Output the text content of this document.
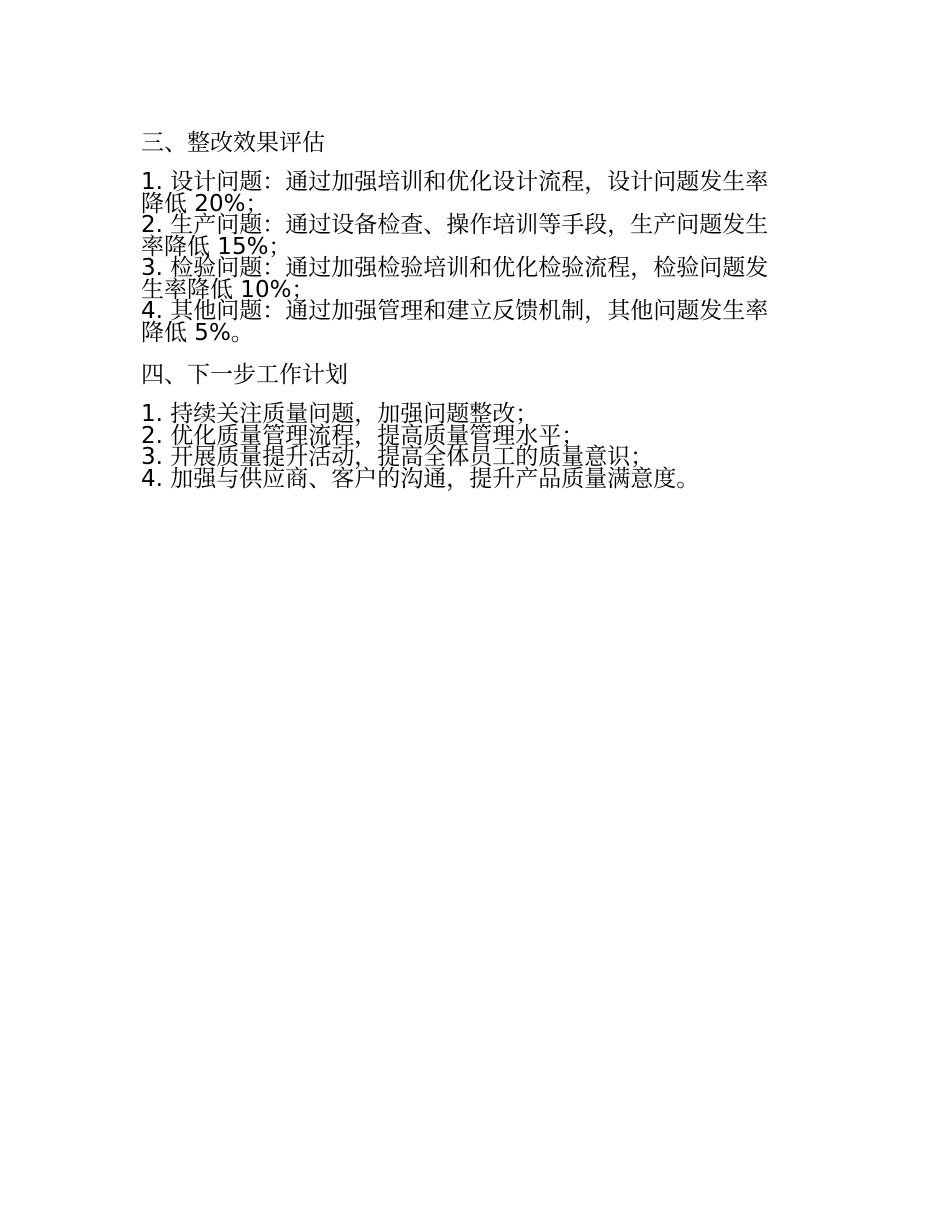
三、整改效果评估
1. 设计问题：通过加强培训和优化设计流程，设计问题发生率降低 20%；
2. 生产问题：通过设备检查、操作培训等手段，生产问题发生率降低 15%；
3. 检验问题：通过加强检验培训和优化检验流程，检验问题发生率降低 10%；
4. 其他问题：通过加强管理和建立反馈机制，其他问题发生率降低 5%。
四、下一步工作计划
1. 持续关注质量问题，加强问题整改；
2. 优化质量管理流程，提高质量管理水平；
3. 开展质量提升活动，提高全体员工的质量意识；
4. 加强与供应商、客户的沟通，提升产品质量满意度。
